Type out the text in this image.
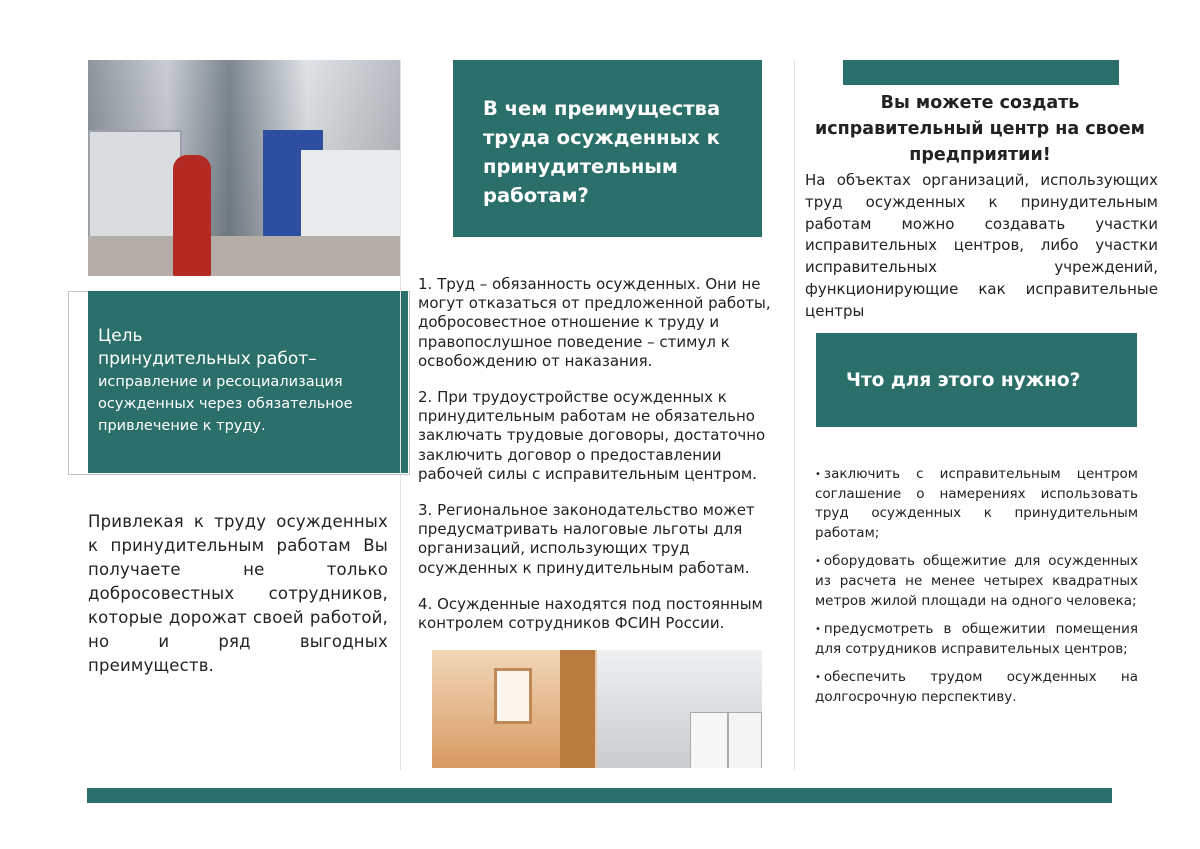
Цель
принудительных работ–
исправление и ресоциализация осужденных через обязательное привлечение к труду.
Привлекая к труду осужденных к принудительным работам Вы получаете не только добросовестных сотрудников, которые дорожат своей работой, но и ряд выгодных преимуществ.
В чем преимущества труда осужденных к принудительным работам?

1. Труд – обязанность осужденных. Они не могут отказаться от предложенной работы, добросовестное отношение к труду и правопослушное поведение – стимул к освобождению от наказания.

2. При трудоустройстве осужденных к принудительным работам не обязательно заключать трудовые договоры, достаточно заключить договор о предоставлении рабочей силы с исправительным центром.

3. Региональное законодательство может предусматривать налоговые льготы для организаций, использующих труд осужденных к принудительным работам.

4. Осужденные находятся под постоянным контролем сотрудников ФСИН России.

Вы можете создать исправительный центр на своем предприятии!
На объектах организаций, использующих труд осужденных к принудительным работам можно создавать участки исправительных центров, либо участки исправительных учреждений, функционирующие как исправительные центры
Что для этого нужно?
• заключить с исправительным центром соглашение о намерениях использовать труд осужденных к принудительным работам;
• оборудовать общежитие для осужденных из расчета не менее четырех квадратных метров жилой площади на одного человека;
• предусмотреть в общежитии помещения для сотрудников исправительных центров;
• обеспечить трудом осужденных на долгосрочную перспективу.
